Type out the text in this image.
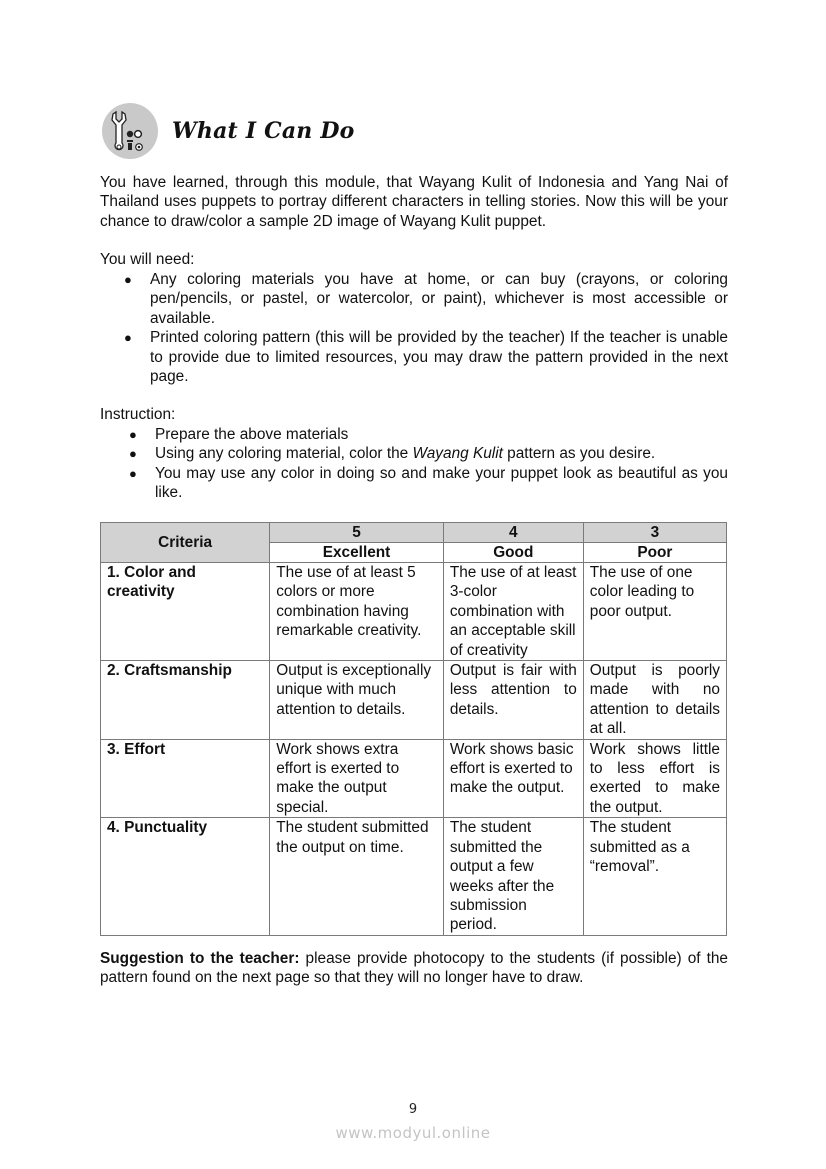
What I Can Do
You have learned, through this module, that Wayang Kulit of Indonesia and Yang Nai of Thailand uses puppets to portray different characters in telling stories. Now this will be your chance to draw/color a sample 2D image of Wayang Kulit puppet.
You will need:
● Any coloring materials you have at home, or can buy (crayons, or coloring pen/pencils, or pastel, or watercolor, or paint), whichever is most accessible or available.
● Printed coloring pattern (this will be provided by the teacher) If the teacher is unable to provide due to limited resources, you may draw the pattern provided in the next page.
Instruction:
● Prepare the above materials
● Using any coloring material, color the Wayang Kulit pattern as you desire.
● You may use any color in doing so and make your puppet look as beautiful as you like.
Criteria	5	4	3
	Excellent	Good	Poor
1. Color and creativity	The use of at least 5 colors or more combination having remarkable creativity.	The use of at least 3-color combination with an acceptable skill of creativity	The use of one color leading to poor output.
2. Craftsmanship	Output is exceptionally unique with much attention to details.	Output is fair with less attention to details.	Output is poorly made with no attention to details at all.
3. Effort	Work shows extra effort is exerted to make the output special.	Work shows basic effort is exerted to make the output.	Work shows little to less effort is exerted to make the output.
4. Punctuality	The student submitted the output on time.	The student submitted the output a few weeks after the submission period.	The student submitted as a “removal”.
Suggestion to the teacher: please provide photocopy to the students (if possible) of the pattern found on the next page so that they will no longer have to draw.
9
www.modyul.online
